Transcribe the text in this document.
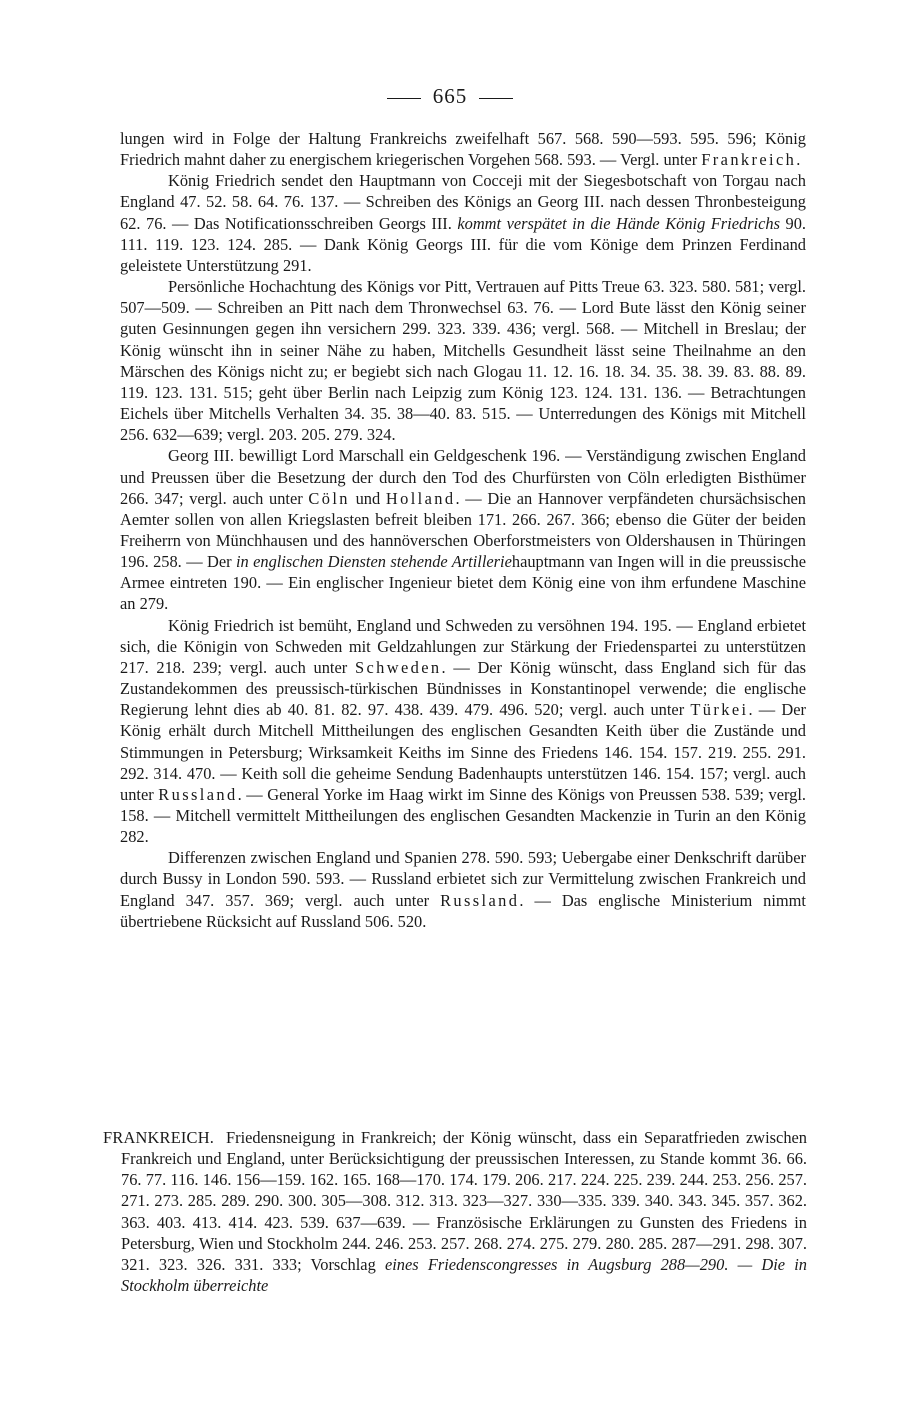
665

lungen wird in Folge der Haltung Frankreichs zweifelhaft 567. 568. 590—593. 595. 596; König Friedrich mahnt daher zu energischem kriegerischen Vorgehen 568. 593. — Vergl. unter Frankreich.

König Friedrich sendet den Hauptmann von Cocceji mit der Siegesbotschaft von Torgau nach England 47. 52. 58. 64. 76. 137. — Schreiben des Königs an Georg III. nach dessen Thronbesteigung 62. 76. — Das Notificationsschreiben Georgs III. kommt verspätet in die Hände König Friedrichs 90. 111. 119. 123. 124. 285. — Dank König Georgs III. für die vom Könige dem Prinzen Ferdinand geleistete Unterstützung 291.

Persönliche Hochachtung des Königs vor Pitt, Vertrauen auf Pitts Treue 63. 323. 580. 581; vergl. 507—509. — Schreiben an Pitt nach dem Thronwechsel 63. 76. — Lord Bute lässt den König seiner guten Gesinnungen gegen ihn versichern 299. 323. 339. 436; vergl. 568. — Mitchell in Breslau; der König wünscht ihn in seiner Nähe zu haben, Mitchells Gesundheit lässt seine Theilnahme an den Märschen des Königs nicht zu; er begiebt sich nach Glogau 11. 12. 16. 18. 34. 35. 38. 39. 83. 88. 89. 119. 123. 131. 515; geht über Berlin nach Leipzig zum König 123. 124. 131. 136. — Betrachtungen Eichels über Mitchells Verhalten 34. 35. 38—40. 83. 515. — Unterredungen des Königs mit Mitchell 256. 632—639; vergl. 203. 205. 279. 324.

Georg III. bewilligt Lord Marschall ein Geldgeschenk 196. — Verständigung zwischen England und Preussen über die Besetzung der durch den Tod des Churfürsten von Cöln erledigten Bisthümer 266. 347; vergl. auch unter Cöln und Holland. — Die an Hannover verpfändeten chursächsischen Aemter sollen von allen Kriegslasten befreit bleiben 171. 266. 267. 366; ebenso die Güter der beiden Freiherrn von Münchhausen und des hannöverschen Oberforstmeisters von Oldershausen in Thüringen 196. 258. — Der in englischen Diensten stehende Artilleriehauptmann van Ingen will in die preussische Armee eintreten 190. — Ein englischer Ingenieur bietet dem König eine von ihm erfundene Maschine an 279.

König Friedrich ist bemüht, England und Schweden zu versöhnen 194. 195. — England erbietet sich, die Königin von Schweden mit Geldzahlungen zur Stärkung der Friedenspartei zu unterstützen 217. 218. 239; vergl. auch unter Schweden. — Der König wünscht, dass England sich für das Zustandekommen des preussisch-türkischen Bündnisses in Konstantinopel verwende; die englische Regierung lehnt dies ab 40. 81. 82. 97. 438. 439. 479. 496. 520; vergl. auch unter Türkei. — Der König erhält durch Mitchell Mittheilungen des englischen Gesandten Keith über die Zustände und Stimmungen in Petersburg; Wirksamkeit Keiths im Sinne des Friedens 146. 154. 157. 219. 255. 291. 292. 314. 470. — Keith soll die geheime Sendung Badenhaupts unterstützen 146. 154. 157; vergl. auch unter Russland. — General Yorke im Haag wirkt im Sinne des Königs von Preussen 538. 539; vergl. 158. — Mitchell vermittelt Mittheilungen des englischen Gesandten Mackenzie in Turin an den König 282.

Differenzen zwischen England und Spanien 278. 590. 593; Uebergabe einer Denkschrift darüber durch Bussy in London 590. 593. — Russland erbietet sich zur Vermittelung zwischen Frankreich und England 347. 357. 369; vergl. auch unter Russland. — Das englische Ministerium nimmt übertriebene Rücksicht auf Russland 506. 520.

FRANKREICH. Friedensneigung in Frankreich; der König wünscht, dass ein Separatfrieden zwischen Frankreich und England, unter Berücksichtigung der preussischen Interessen, zu Stande kommt 36. 66. 76. 77. 116. 146. 156—159. 162. 165. 168—170. 174. 179. 206. 217. 224. 225. 239. 244. 253. 256. 257. 271. 273. 285. 289. 290. 300. 305—308. 312. 313. 323—327. 330—335. 339. 340. 343. 345. 357. 362. 363. 403. 413. 414. 423. 539. 637—639. — Französische Erklärungen zu Gunsten des Friedens in Petersburg, Wien und Stockholm 244. 246. 253. 257. 268. 274. 275. 279. 280. 285. 287—291. 298. 307. 321. 323. 326. 331. 333; Vorschlag eines Friedenscongresses in Augsburg 288—290. — Die in Stockholm überreichte
